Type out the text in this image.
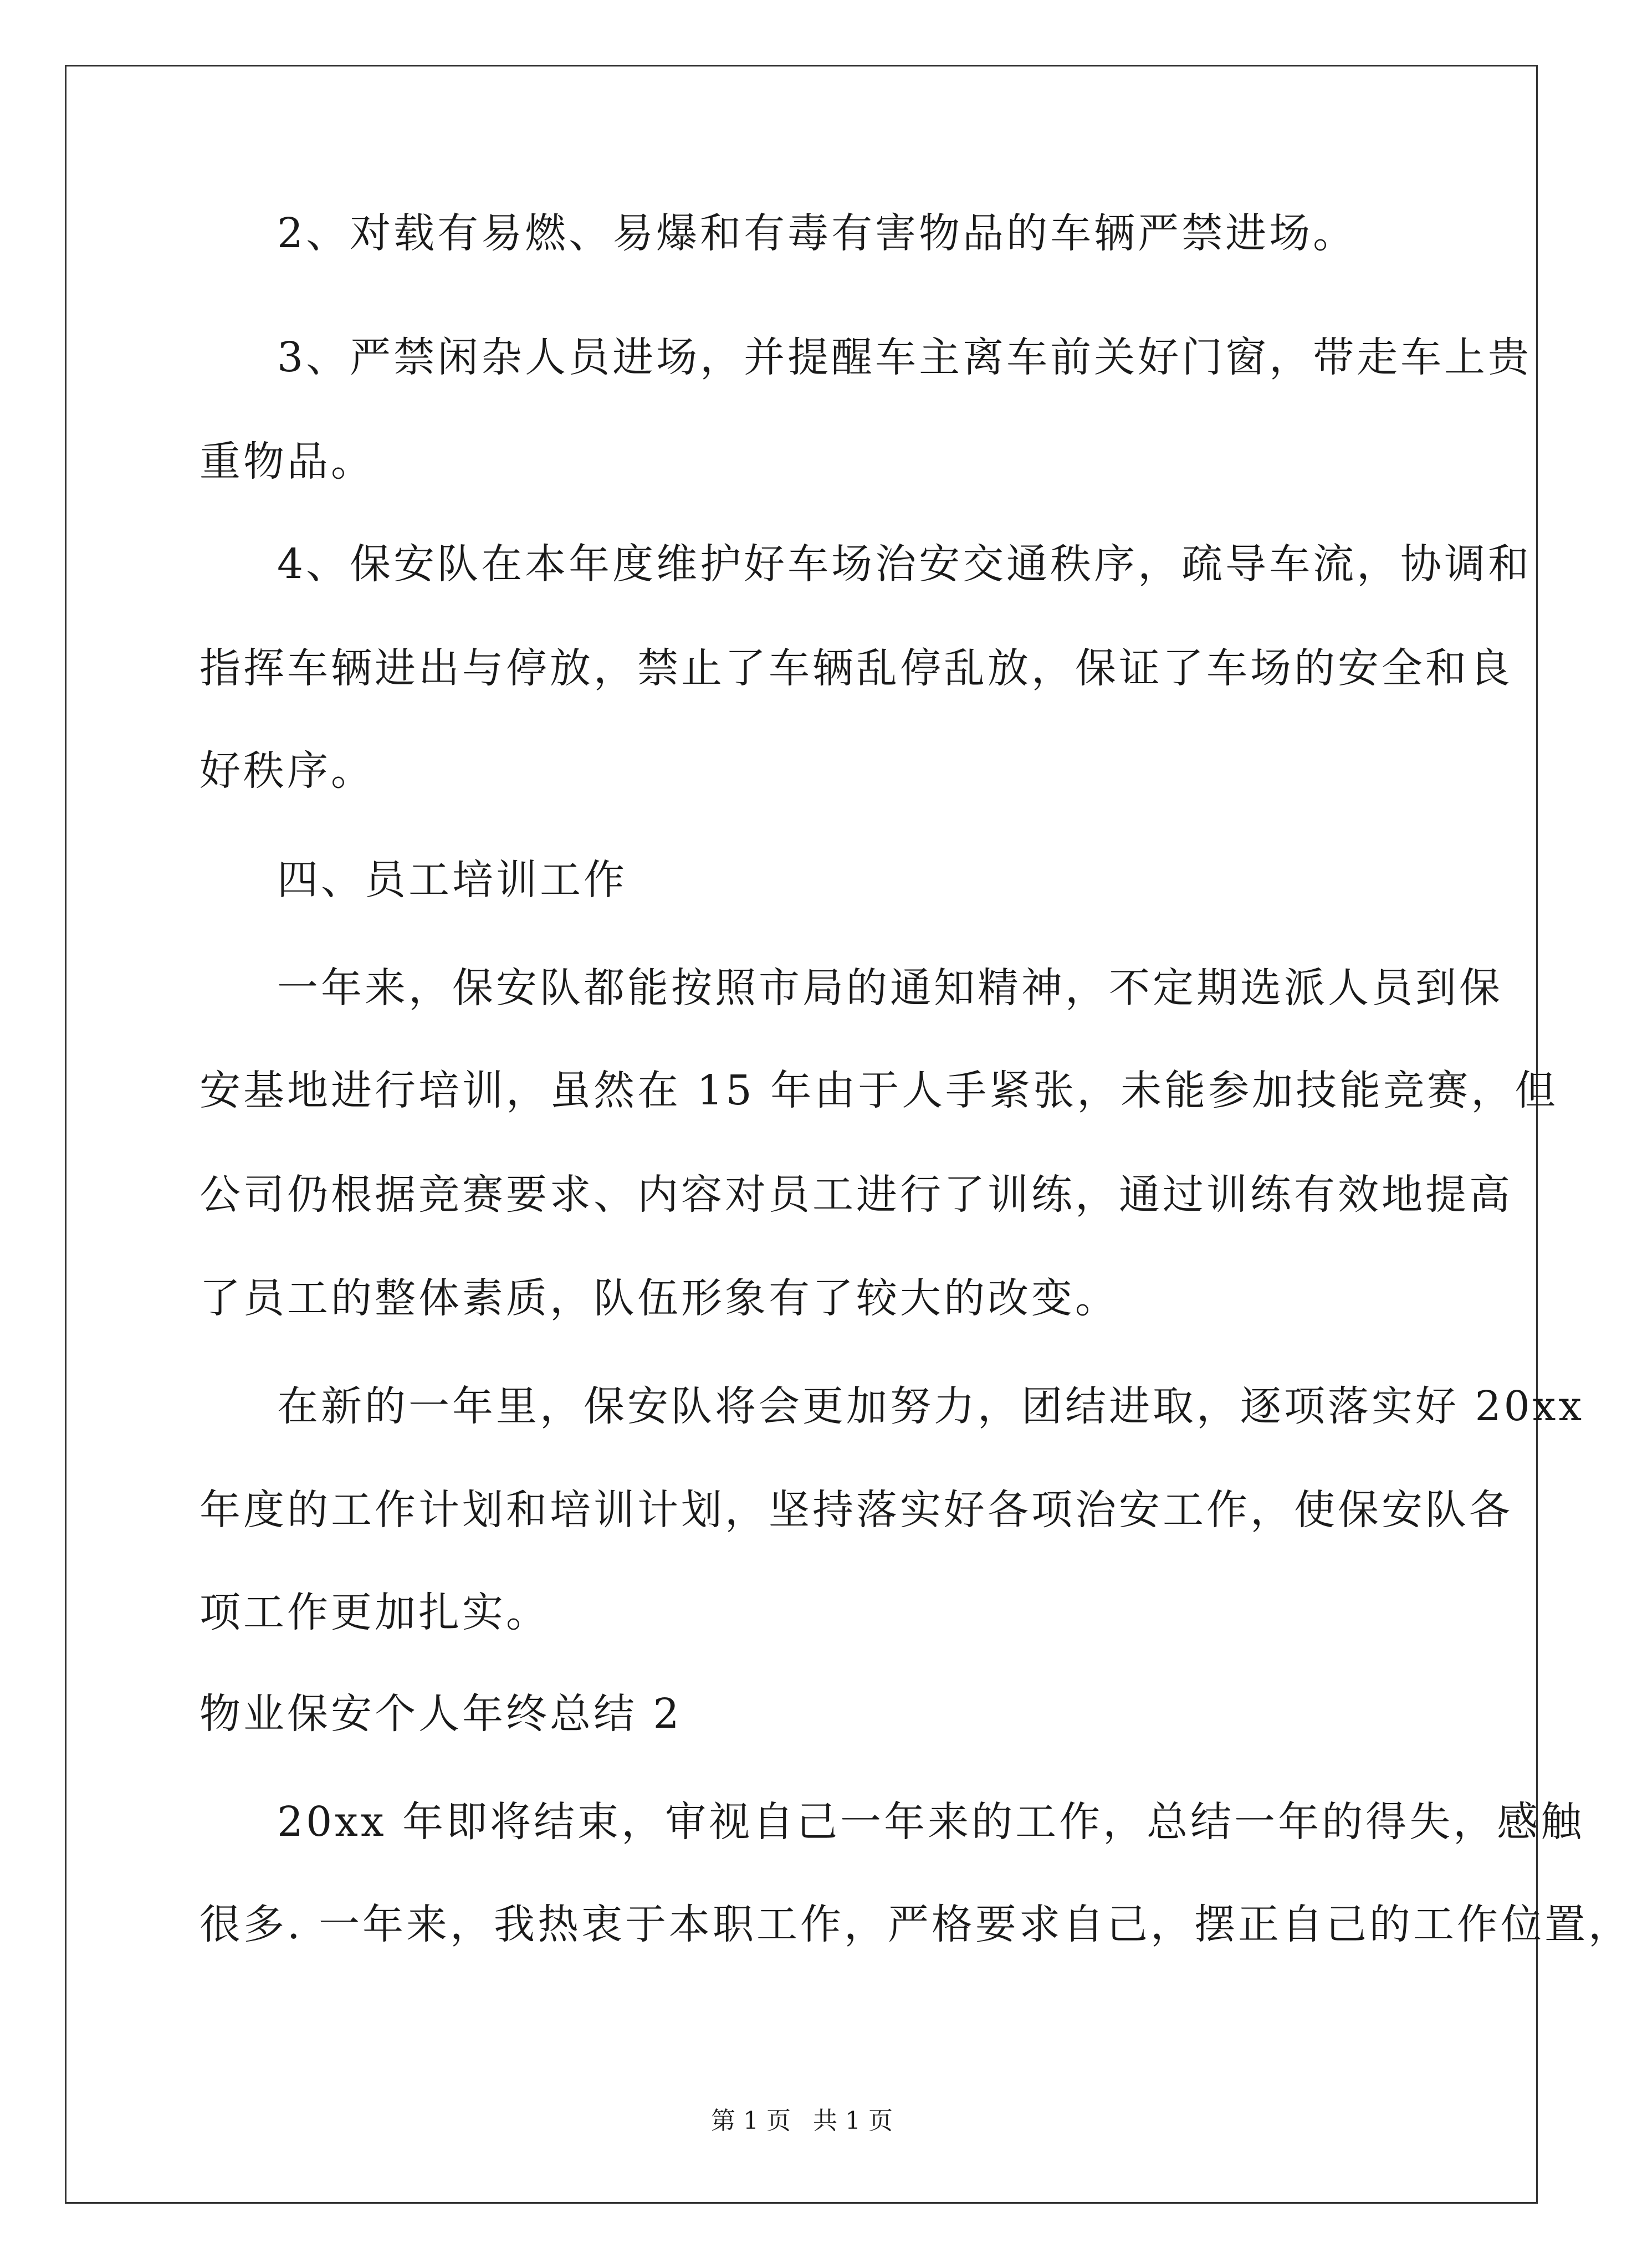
2、对载有易燃、易爆和有毒有害物品的车辆严禁进场。
3、严禁闲杂人员进场，并提醒车主离车前关好门窗，带走车上贵
重物品。
4、保安队在本年度维护好车场治安交通秩序，疏导车流，协调和
指挥车辆进出与停放，禁止了车辆乱停乱放，保证了车场的安全和良
好秩序。
四、员工培训工作
一年来，保安队都能按照市局的通知精神，不定期选派人员到保
安基地进行培训，虽然在 15 年由于人手紧张，未能参加技能竞赛，但
公司仍根据竞赛要求、内容对员工进行了训练，通过训练有效地提高
了员工的整体素质，队伍形象有了较大的改变。
在新的一年里，保安队将会更加努力，团结进取，逐项落实好 20xx
年度的工作计划和培训计划，坚持落实好各项治安工作，使保安队各
项工作更加扎实。
物业保安个人年终总结 2
20xx 年即将结束，审视自己一年来的工作，总结一年的得失，感触
很多. 一年来，我热衷于本职工作，严格要求自己，摆正自己的工作位置，
第 1 页 共 1 页
